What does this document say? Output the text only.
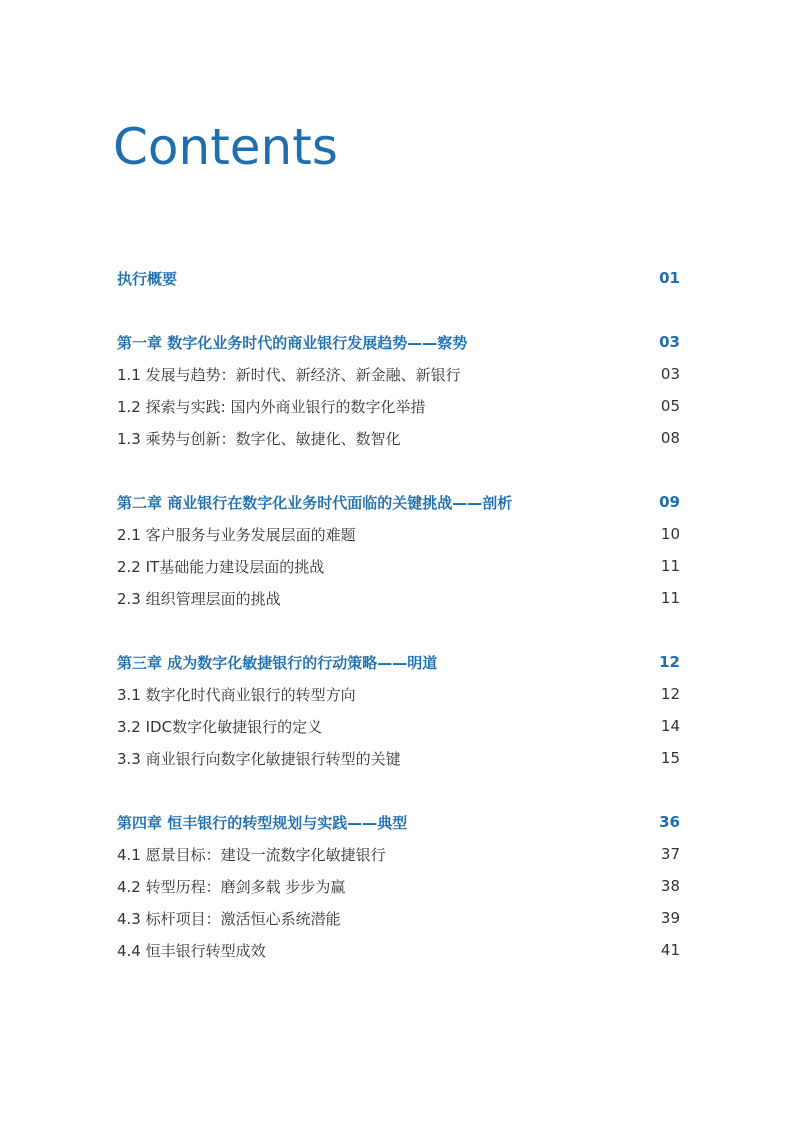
Contents
执行概要	01
第一章 数字化业务时代的商业银行发展趋势——察势	03
1.1 发展与趋势：新时代、新经济、新金融、新银行	03
1.2 探索与实践: 国内外商业银行的数字化举措	05
1.3 乘势与创新：数字化、敏捷化、数智化	08
第二章 商业银行在数字化业务时代面临的关键挑战——剖析	09
2.1 客户服务与业务发展层面的难题	10
2.2 IT基础能力建设层面的挑战	11
2.3 组织管理层面的挑战	11
第三章 成为数字化敏捷银行的行动策略——明道	12
3.1 数字化时代商业银行的转型方向	12
3.2 IDC数字化敏捷银行的定义	14
3.3 商业银行向数字化敏捷银行转型的关键	15
第四章 恒丰银行的转型规划与实践——典型	36
4.1 愿景目标：建设一流数字化敏捷银行	37
4.2 转型历程：磨剑多载 步步为赢	38
4.3 标杆项目：激活恒心系统潜能	39
4.4 恒丰银行转型成效	41
